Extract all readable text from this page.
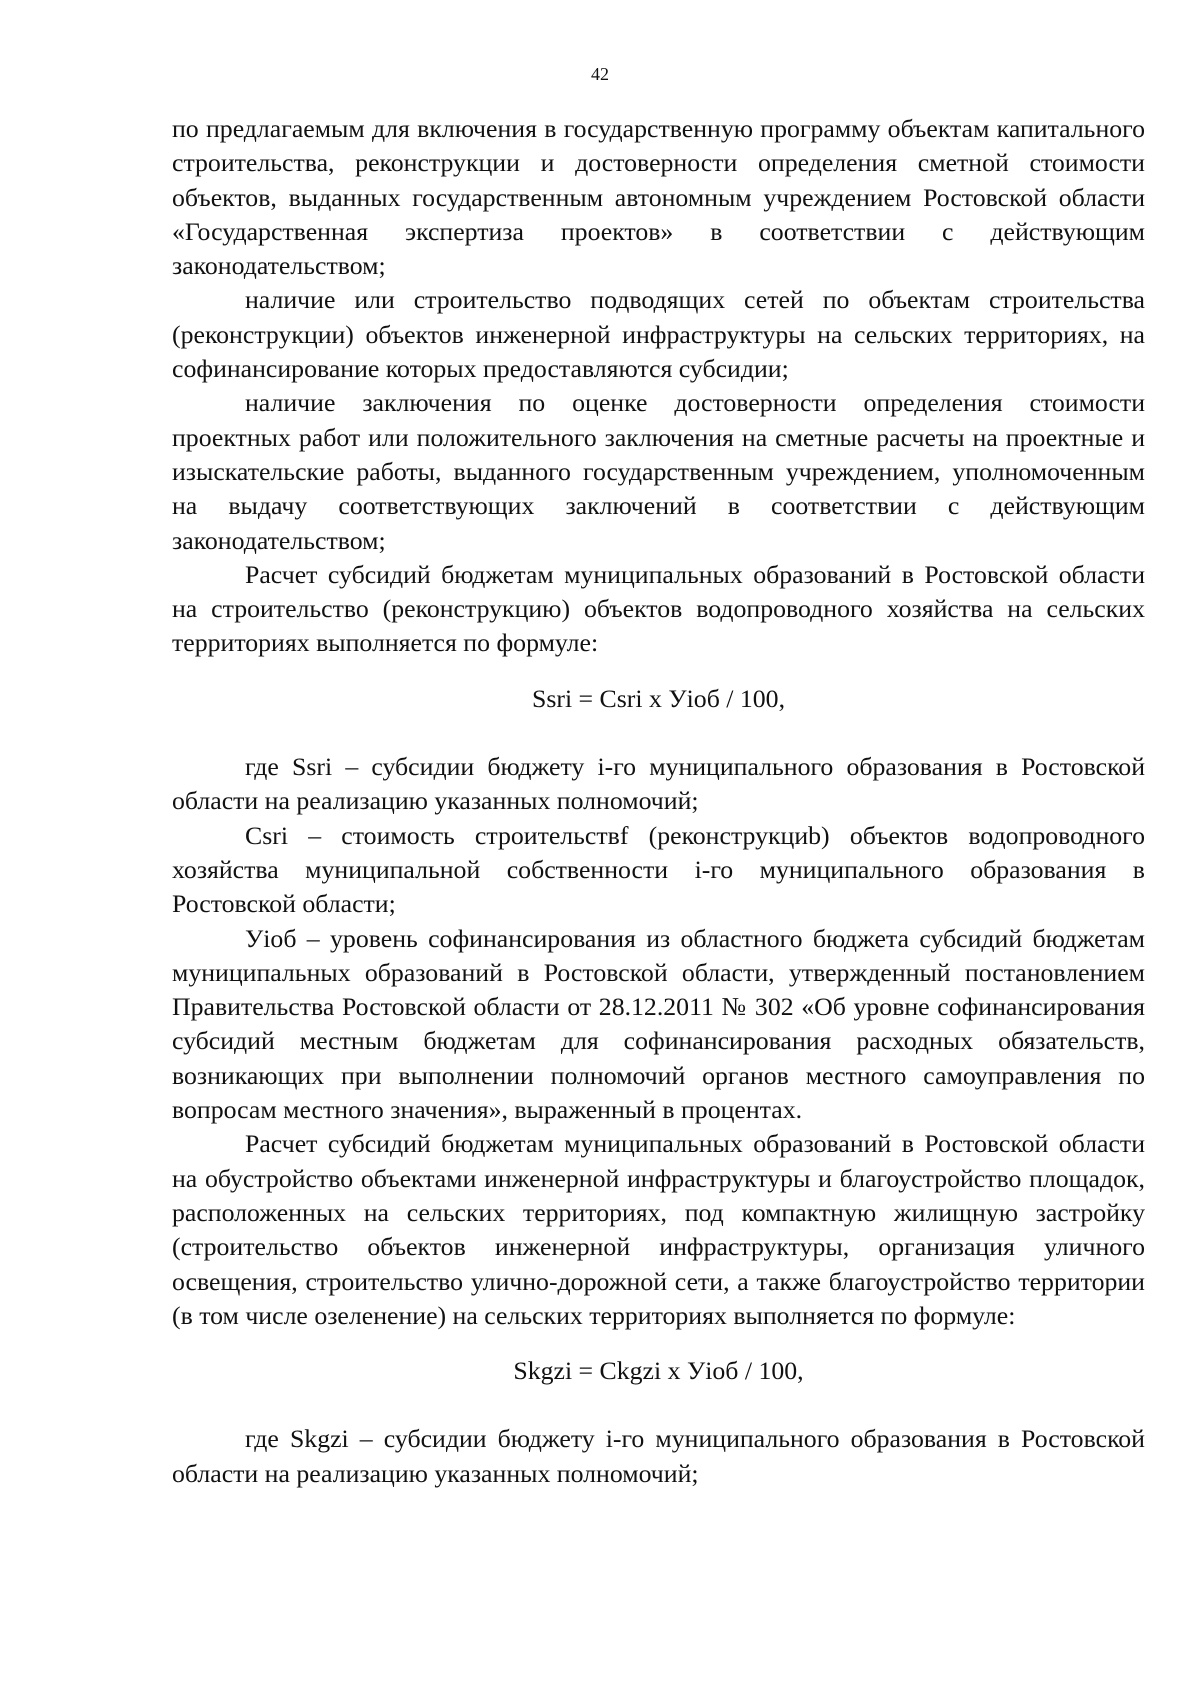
42

по предлагаемым для включения в государственную программу объектам капитального строительства, реконструкции и достоверности определения сметной стоимости объектов, выданных государственным автономным учреждением Ростовской области «Государственная экспертиза проектов» в соответствии с действующим законодательством;

наличие или строительство подводящих сетей по объектам строительства (реконструкции) объектов инженерной инфраструктуры на сельских территориях, на софинансирование которых предоставляются субсидии;

наличие заключения по оценке достоверности определения стоимости проектных работ или положительного заключения на сметные расчеты на проектные и изыскательские работы, выданного государственным учреждением, уполномоченным на выдачу соответствующих заключений в соответствии с действующим законодательством;

Расчет субсидий бюджетам муниципальных образований в Ростовской области на строительство (реконструкцию) объектов водопроводного хозяйства на сельских территориях выполняется по формуле:

Ssri = Csri х Уioб / 100,

где Ssri – субсидии бюджету i-го муниципального образования в Ростовской области на реализацию указанных полномочий;

Csri – стоимость строительствf (реконструкциb) объектов водопроводного хозяйства муниципальной собственности i-го муниципального образования в Ростовской области;

Уioб – уровень софинансирования из областного бюджета субсидий бюджетам муниципальных образований в Ростовской области, утвержденный постановлением Правительства Ростовской области от 28.12.2011 № 302 «Об уровне софинансирования субсидий местным бюджетам для софинансирования расходных обязательств, возникающих при выполнении полномочий органов местного самоуправления по вопросам местного значения», выраженный в процентах.

Расчет субсидий бюджетам муниципальных образований в Ростовской области на обустройство объектами инженерной инфраструктуры и благоустройство площадок, расположенных на сельских территориях, под компактную жилищную застройку (строительство объектов инженерной инфраструктуры, организация уличного освещения, строительство улично-дорожной сети, а также благоустройство территории (в том числе озеленение) на сельских территориях выполняется по формуле:

Skgzi = Ckgzi х Уioб / 100,

где Skgzi – субсидии бюджету i-го муниципального образования в Ростовской области на реализацию указанных полномочий;
